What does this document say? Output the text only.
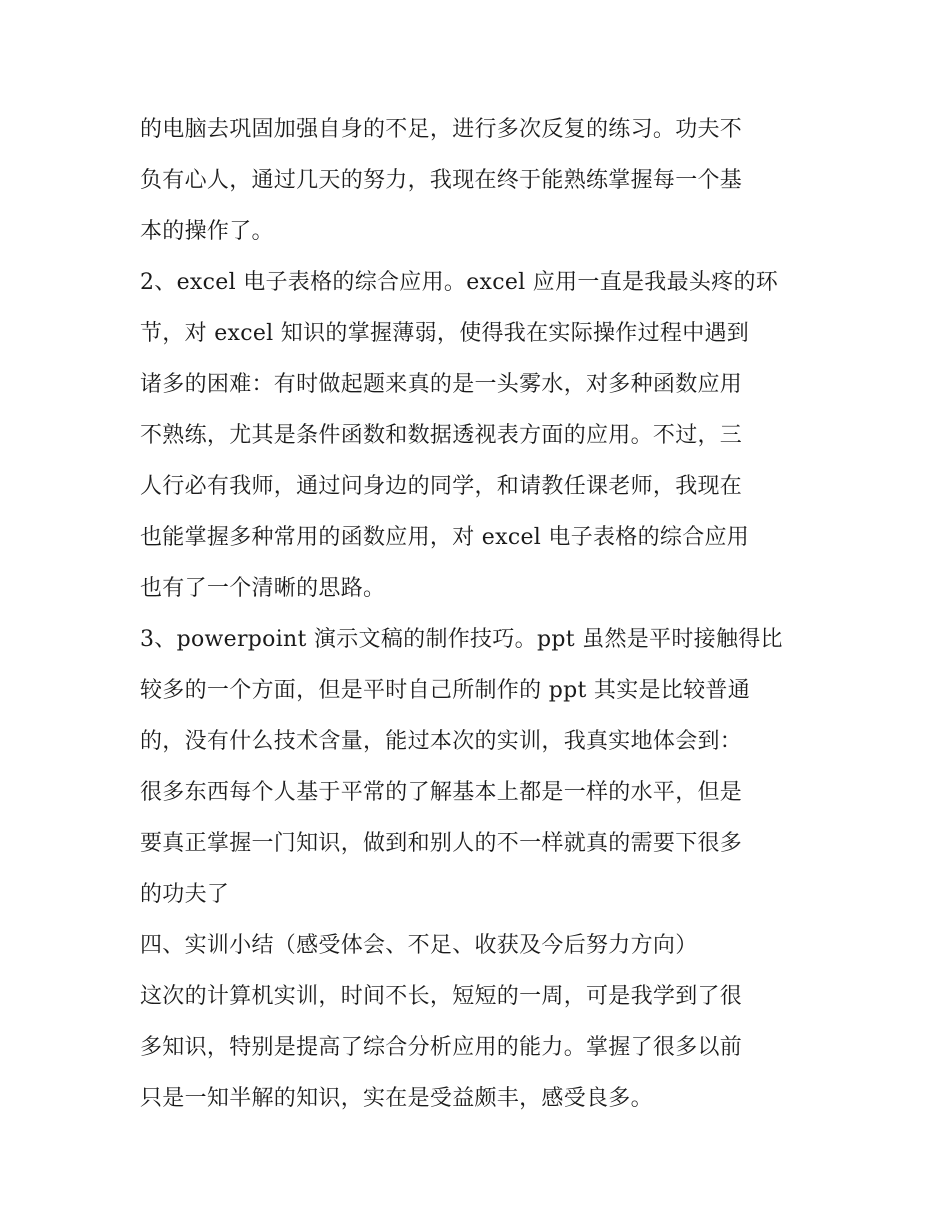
的电脑去巩固加强自身的不足，进行多次反复的练习。功夫不
负有心人，通过几天的努力，我现在终于能熟练掌握每一个基
本的操作了。
2、excel 电子表格的综合应用。excel 应用一直是我最头疼的环
节，对 excel 知识的掌握薄弱，使得我在实际操作过程中遇到
诸多的困难：有时做起题来真的是一头雾水，对多种函数应用
不熟练，尤其是条件函数和数据透视表方面的应用。不过，三
人行必有我师，通过问身边的同学，和请教任课老师，我现在
也能掌握多种常用的函数应用，对 excel 电子表格的综合应用
也有了一个清晰的思路。
3、powerpoint 演示文稿的制作技巧。ppt 虽然是平时接触得比
较多的一个方面，但是平时自己所制作的 ppt 其实是比较普通
的，没有什么技术含量，能过本次的实训，我真实地体会到：
很多东西每个人基于平常的了解基本上都是一样的水平，但是
要真正掌握一门知识，做到和别人的不一样就真的需要下很多
的功夫了
四、实训小结（感受体会、不足、收获及今后努力方向）
这次的计算机实训，时间不长，短短的一周，可是我学到了很
多知识，特别是提高了综合分析应用的能力。掌握了很多以前
只是一知半解的知识，实在是受益颇丰，感受良多。
